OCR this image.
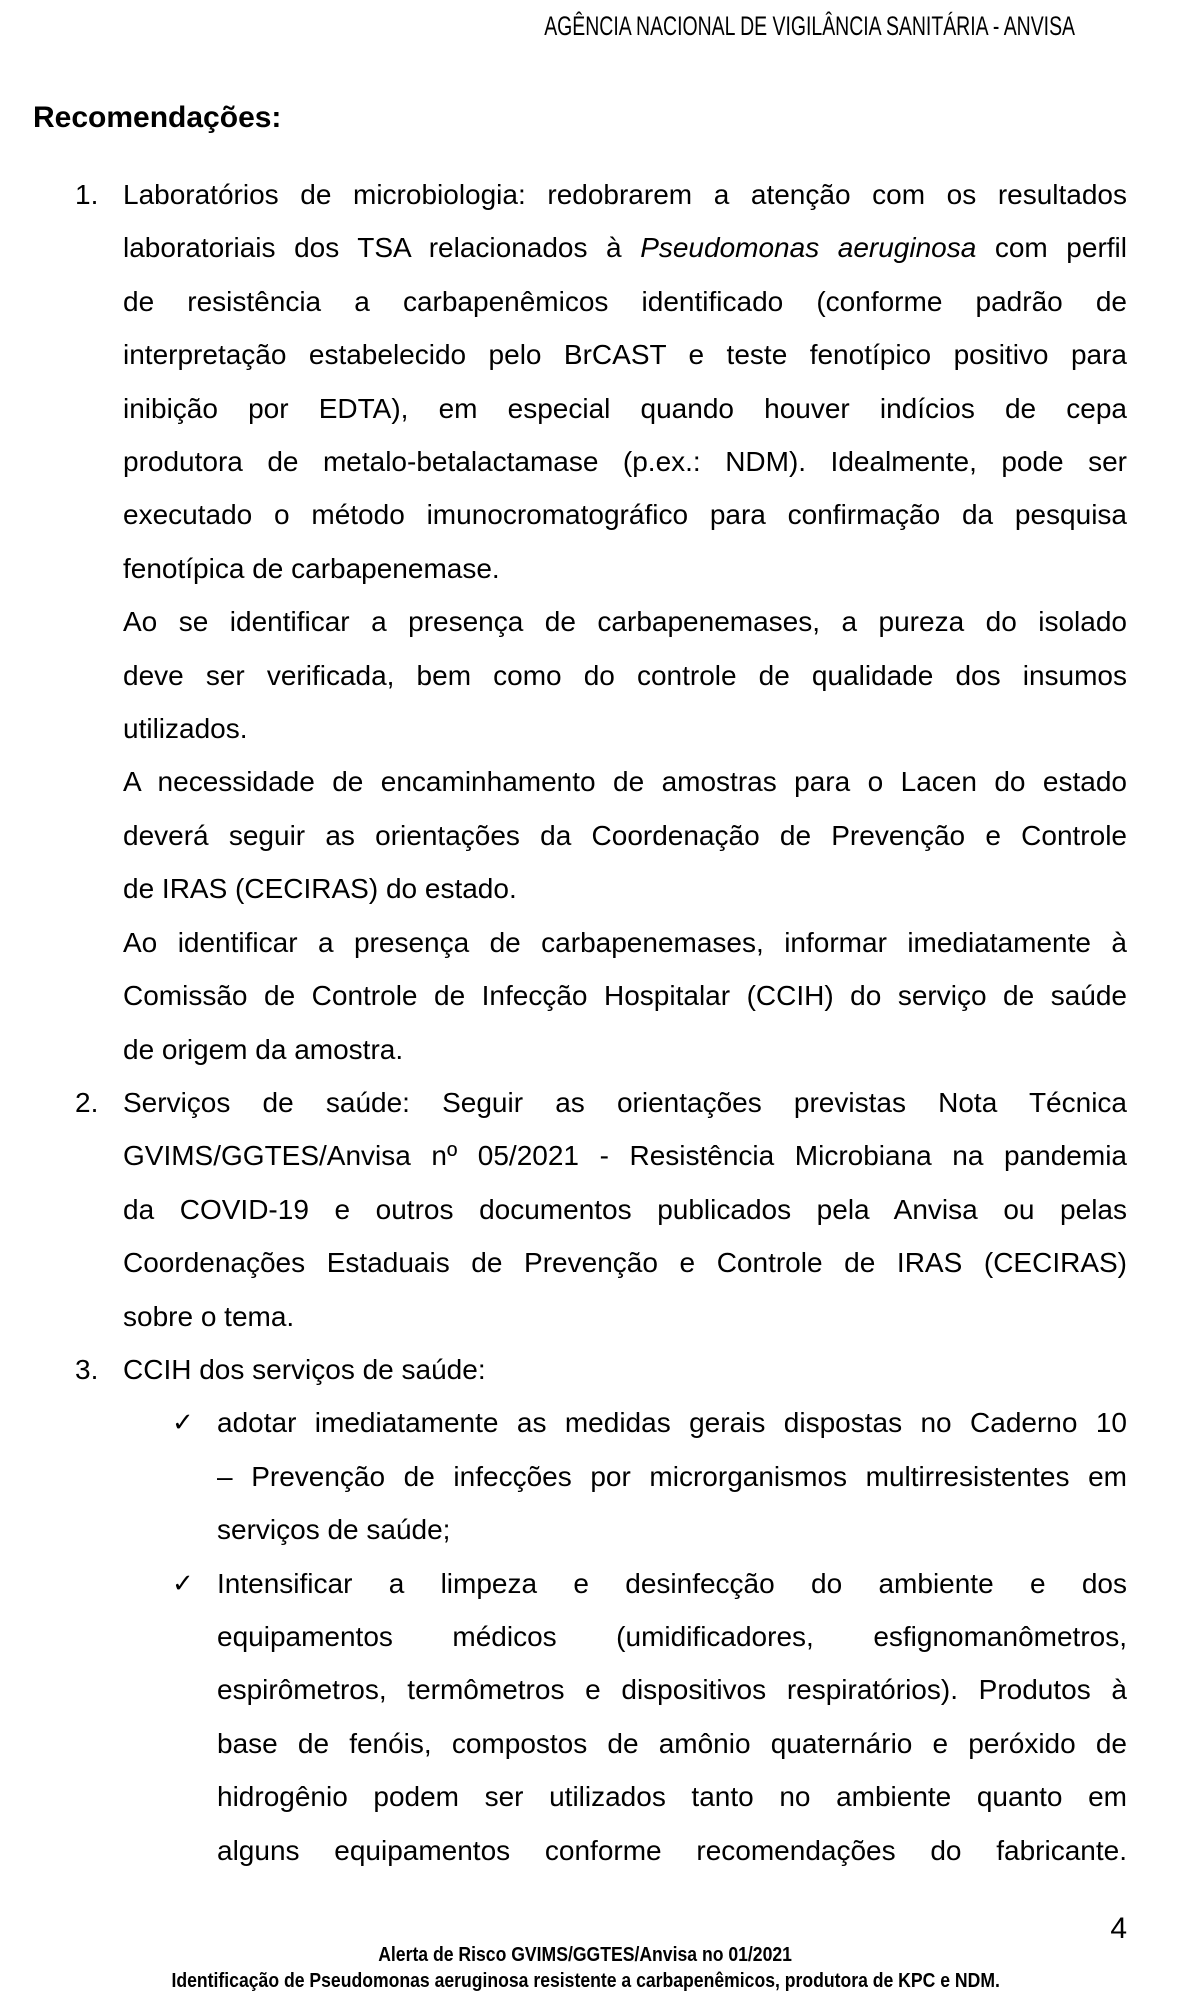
AGÊNCIA NACIONAL DE VIGILÂNCIA SANITÁRIA - ANVISA
Recomendações:
1. Laboratórios de microbiologia: redobrarem a atenção com os resultados
laboratoriais dos TSA relacionados à Pseudomonas aeruginosa com perfil
de resistência a carbapenêmicos identificado (conforme padrão de
interpretação estabelecido pelo BrCAST e teste fenotípico positivo para
inibição por EDTA), em especial quando houver indícios de cepa
produtora de metalo-betalactamase (p.ex.: NDM). Idealmente, pode ser
executado o método imunocromatográfico para confirmação da pesquisa
fenotípica de carbapenemase.
Ao se identificar a presença de carbapenemases, a pureza do isolado
deve ser verificada, bem como do controle de qualidade dos insumos
utilizados.
A necessidade de encaminhamento de amostras para o Lacen do estado
deverá seguir as orientações da Coordenação de Prevenção e Controle
de IRAS (CECIRAS) do estado.
Ao identificar a presença de carbapenemases, informar imediatamente à
Comissão de Controle de Infecção Hospitalar (CCIH) do serviço de saúde
de origem da amostra.
2. Serviços de saúde: Seguir as orientações previstas Nota Técnica
GVIMS/GGTES/Anvisa nº 05/2021 - Resistência Microbiana na pandemia
da COVID-19 e outros documentos publicados pela Anvisa ou pelas
Coordenações Estaduais de Prevenção e Controle de IRAS (CECIRAS)
sobre o tema.
3. CCIH dos serviços de saúde:
✓ adotar imediatamente as medidas gerais dispostas no Caderno 10
– Prevenção de infecções por microrganismos multirresistentes em
serviços de saúde;
✓ Intensificar a limpeza e desinfecção do ambiente e dos
equipamentos médicos (umidificadores, esfignomanômetros,
espirômetros, termômetros e dispositivos respiratórios). Produtos à
base de fenóis, compostos de amônio quaternário e peróxido de
hidrogênio podem ser utilizados tanto no ambiente quanto em
alguns equipamentos conforme recomendações do fabricante.
4
Alerta de Risco GVIMS/GGTES/Anvisa no 01/2021
Identificação de Pseudomonas aeruginosa resistente a carbapenêmicos, produtora de KPC e NDM.
